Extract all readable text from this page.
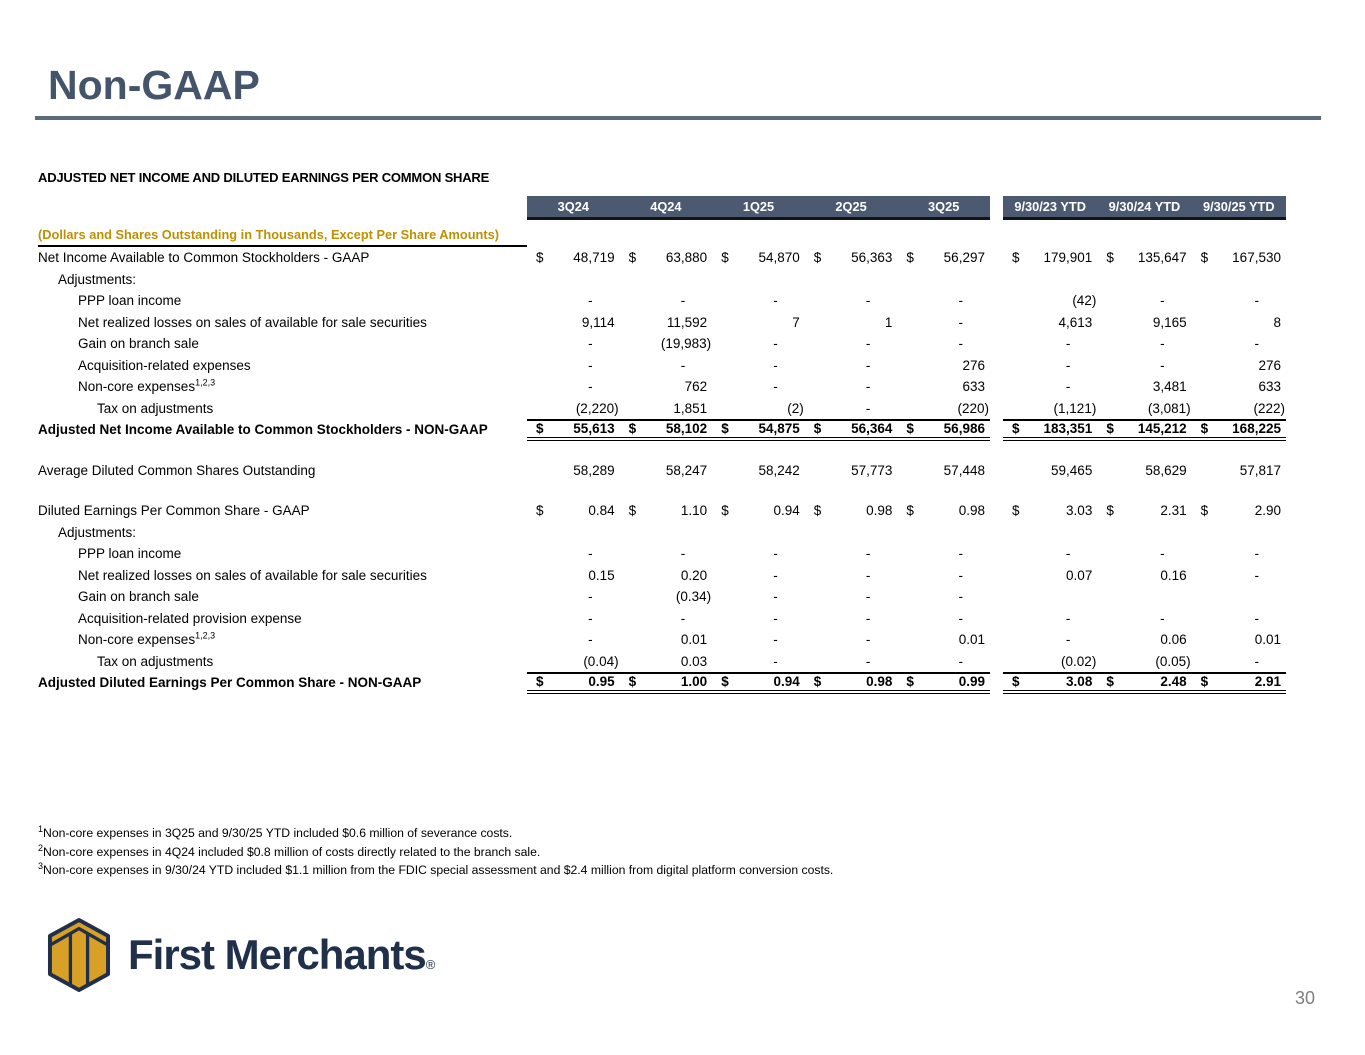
Non-GAAP
ADJUSTED NET INCOME AND DILUTED EARNINGS PER COMMON SHARE
3Q24	4Q24	1Q25	2Q25	3Q25	9/30/23 YTD	9/30/24 YTD	9/30/25 YTD
(Dollars and Shares Outstanding in Thousands, Except Per Share Amounts)
Net Income Available to Common Stockholders - GAAP	$ 48,719	$ 63,880	$ 54,870	$ 56,363	$ 56,297	$ 179,901	$ 135,647	$ 167,530
Adjustments:
PPP loan income	-	-	-	-	-	(42)	-	-
Net realized losses on sales of available for sale securities	9,114	11,592	7	1	-	4,613	9,165	8
Gain on branch sale	-	(19,983)	-	-	-	-	-	-
Acquisition-related expenses	-	-	-	-	276	-	-	276
Non-core expenses$^{1,2,3}$	-	762	-	-	633	-	3,481	633
Tax on adjustments	(2,220)	1,851	(2)	-	(220)	(1,121)	(3,081)	(222)
Adjusted Net Income Available to Common Stockholders - NON-GAAP	$ 55,613	$ 58,102	$ 54,875	$ 56,364	$ 56,986	$ 183,351	$ 145,212	$ 168,225
Average Diluted Common Shares Outstanding	58,289	58,247	58,242	57,773	57,448	59,465	58,629	57,817
Diluted Earnings Per Common Share - GAAP	$	0.84	$	1.10	$	0.94	$	0.98	$	0.98	$	3.03	$	2.31	$	2.90
Adjustments:
PPP loan income	-	-	-	-	-	-	-	-
Net realized losses on sales of available for sale securities	0.15	0.20	-	-	-	0.07	0.16	-
Gain on branch sale	-	(0.34)	-	-	-
Acquisition-related provision expense	-	-	-	-	-	-	-	-
Non-core expenses$^{1,2,3}$	-	0.01	-	-	0.01	-	0.06	0.01
Tax on adjustments	(0.04)	0.03	-	-	-	(0.02)	(0.05)	-
Adjusted Diluted Earnings Per Common Share - NON-GAAP	$	0.95	$	1.00	$	0.94	$	0.98	$	0.99	$	3.08	$	2.48	$	2.91
$^1$Non-core expenses in 3Q25 and 9/30/25 YTD included $0.6 million of severance costs.
$^2$Non-core expenses in 4Q24 included $0.8 million of costs directly related to the branch sale.
$^3$Non-core expenses in 9/30/24 YTD included $1.1 million from the FDIC special assessment and $2.4 million from digital platform conversion costs.
First Merchants®
30
